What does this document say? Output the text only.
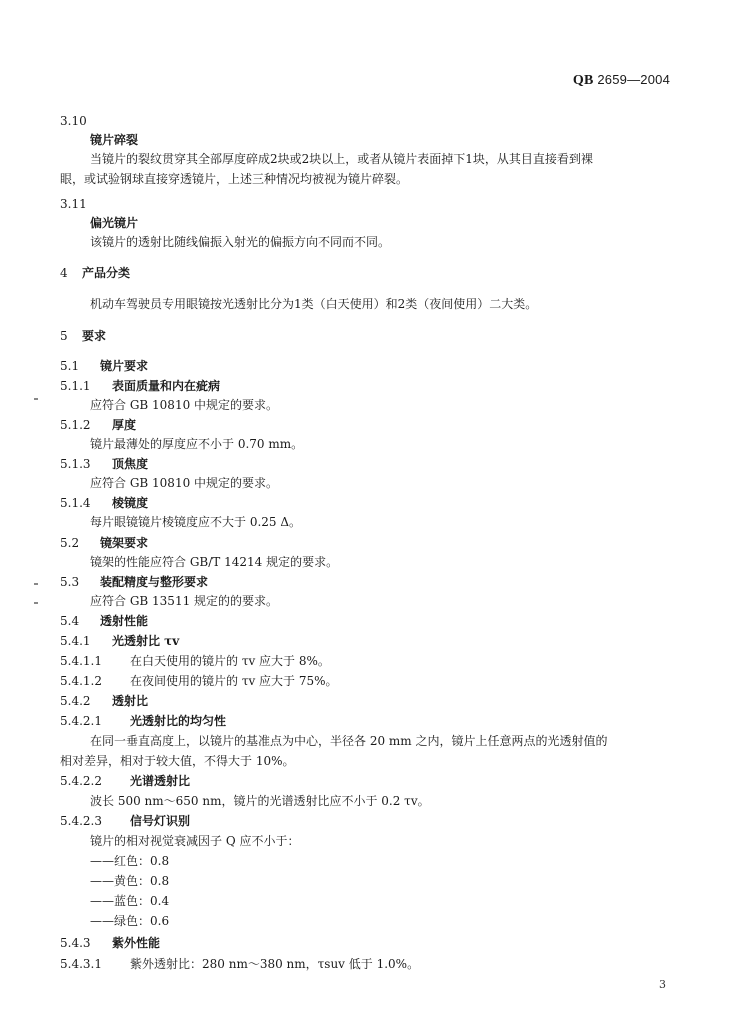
QB 2659—2004
3.10
镜片碎裂
当镜片的裂纹贯穿其全部厚度碎成2块或2块以上，或者从镜片表面掉下1块，从其目直接看到裸
眼，或试验钢球直接穿透镜片，上述三种情况均被视为镜片碎裂。
3.11
偏光镜片
该镜片的透射比随线偏振入射光的偏振方向不同而不同。
4 产品分类
机动车驾驶员专用眼镜按光透射比分为1类（白天使用）和2类（夜间使用）二大类。
5 要求
5.1 镜片要求
5.1.1 表面质量和内在疵病
应符合 GB 10810 中规定的要求。
5.1.2 厚度
镜片最薄处的厚度应不小于 0.70 mm。
5.1.3 顶焦度
应符合 GB 10810 中规定的要求。
5.1.4 棱镜度
每片眼镜镜片棱镜度应不大于 0.25 Δ。
5.2 镜架要求
镜架的性能应符合 GB/T 14214 规定的要求。
5.3 装配精度与整形要求
应符合 GB 13511 规定的的要求。
5.4 透射性能
5.4.1 光透射比 τv
5.4.1.1 在白天使用的镜片的 τv 应大于 8%。
5.4.1.2 在夜间使用的镜片的 τv 应大于 75%。
5.4.2 透射比
5.4.2.1 光透射比的均匀性
在同一垂直高度上，以镜片的基准点为中心，半径各 20 mm 之内，镜片上任意两点的光透射值的
相对差异，相对于较大值，不得大于 10%。
5.4.2.2 光谱透射比
波长 500 nm～650 nm，镜片的光谱透射比应不小于 0.2 τv。
5.4.2.3 信号灯识别
镜片的相对视觉衰减因子 Q 应不小于：
——红色：0.8
——黄色：0.8
——蓝色：0.4
——绿色：0.6
5.4.3 紫外性能
5.4.3.1 紫外透射比：280 nm～380 nm，τsuv 低于 1.0%。
3
